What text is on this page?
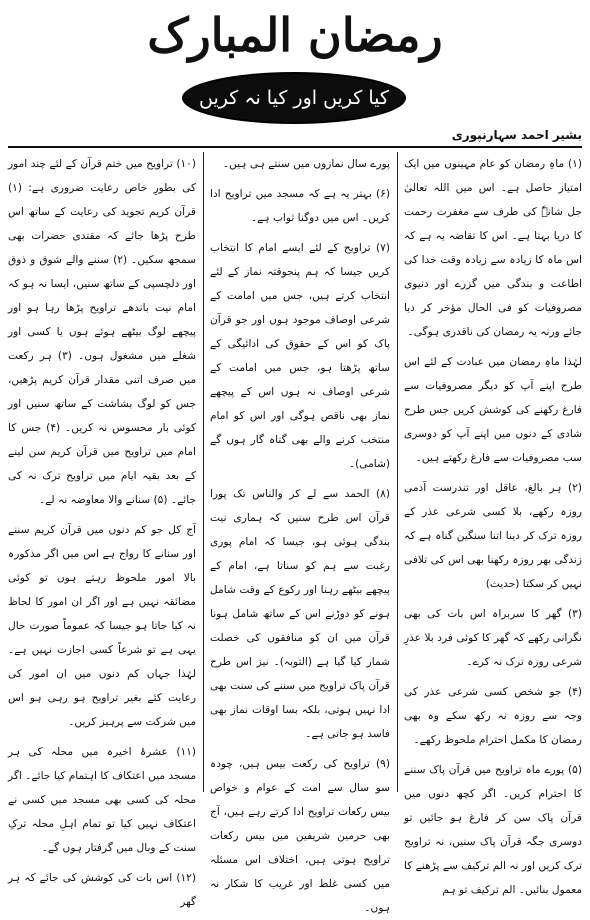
رمضان المبارک
کیا کریں اور کیا نہ کریں
بشیر احمد سہارنپوری

(۱) ماہِ رمضان کو عام مہینوں میں ایک امتیاز حاصل ہے۔ اس میں اللہ تعالیٰ جل شانہٗ کی طرف سے مغفرت رحمت کا دریا بہتا ہے۔ اس کا تقاضہ یہ ہے کہ اس ماہ کا زیادہ سے زیادہ وقت خدا کی اطاعت و بندگی میں گزرے اور دنیوی مصروفیات کو فی الحال مؤخر کر دیا جائے ورنہ یہ رمضان کی ناقدری ہوگی۔

لہٰذا ماہِ رمضان میں عبادت کے لئے اس طرح اپنے آپ کو دیگر مصروفیات سے فارغ رکھنے کی کوشش کریں جس طرح شادی کے دنوں میں اپنے آپ کو دوسری سب مصروفیات سے فارغ رکھتے ہیں۔

(۲) ہر بالغ، عاقل اور تندرست آدمی روزہ رکھے، بلا کسی شرعی عذر کے روزہ ترک کر دینا اتنا سنگین گناہ ہے کہ زندگی بھر روزہ رکھنا بھی اس کی تلافی نہیں کر سکتا (حدیث)

(۳) گھر کا سربراہ اس بات کی بھی نگرانی رکھے کہ گھر کا کوئی فرد بلا عذرِ شرعی روزہ ترک نہ کرے۔

(۴) جو شخص کسی شرعی عذر کی وجہ سے روزہ نہ رکھ سکے وہ بھی رمضان کا مکمل احترام ملحوظ رکھے۔

(۵) پورے ماہ تراویح میں قرآن پاک سننے کا احترام کریں۔ اگر کچھ دنوں میں قرآن پاک سن کر فارغ ہو جائیں تو دوسری جگہ قرآن پاک سنیں، نہ تراویح ترک کریں اور نہ الم ترکیف سے پڑھنے کا معمول بنائیں۔ الم ترکیف تو ہم

پورے سال نمازوں میں سنتے ہی ہیں۔

(۶) بہتر یہ ہے کہ مسجد میں تراویح ادا کریں۔ اس میں دوگنا ثواب ہے۔

(۷) تراویح کے لئے ایسے امام کا انتخاب کریں جیسا کہ ہم پنجوقتہ نماز کے لئے انتخاب کرتے ہیں، جس میں امامت کے شرعی اوصاف موجود ہوں اور جو قرآن پاک کو اس کے حقوق کی ادائیگی کے ساتھ پڑھتا ہو، جس میں امامت کے شرعی اوصاف نہ ہوں اس کے پیچھے نماز بھی ناقص ہوگی اور اس کو امام منتخب کرنے والے بھی گناہ گار ہوں گے (شامی)۔

(۸) الحمد سے لے کر والناس تک پورا قرآن اس طرح سنیں کہ ہماری نیت بندگی ہوئی ہو، جیسا کہ امام پوری رغبت سے ہم کو سناتا ہے، امام کے پیچھے بیٹھے رہنا اور رکوع کے وقت شامل ہونے کو دوڑنے اس کے ساتھ شامل ہونا قرآن میں ان کو منافقوں کی خصلت شمار کیا گیا ہے (التوبہ)۔ نیز اس طرح قرآن پاک تراویح میں سننے کی سنت بھی ادا نہیں ہوتی، بلکہ بسا اوقات نماز بھی فاسد ہو جاتی ہے۔

(۹) تراویح کی رکعت بیس ہیں، چودہ سو سال سے امت کے عوام و خواص بیس رکعات تراویح ادا کرتے رہے ہیں، آج بھی حرمین شریفین میں بیس رکعات تراویح ہوتی ہیں، اختلاف اس مسئلہ میں کسی غلط اور غریب کا شکار نہ ہوں۔

(۱۰) تراویح میں ختم قرآن کے لئے چند امور کی بطورِ خاص رعایت ضروری ہے: (۱) قرآن کریم تجوید کی رعایت کے ساتھ اس طرح پڑھا جائے کہ مقتدی حضرات بھی سمجھ سکیں۔ (۲) سننے والے شوق و ذوق اور دلچسپی کے ساتھ سنیں، ایسا نہ ہو کہ امام نیت باندھے تراویح پڑھا رہا ہو اور پیچھے لوگ بیٹھے ہوئے ہوں یا کسی اور شغلے میں مشغول ہوں۔ (۳) ہر رکعت میں صرف اتنی مقدار قرآن کریم پڑھیں، جس کو لوگ بشاشت کے ساتھ سنیں اور کوئی بار محسوس نہ کریں۔ (۴) جس کا امام میں تراویح میں قرآن کریم سن لینے کے بعد بقیہ ایام میں تراویح ترک نہ کی جائے۔ (۵) سنانے والا معاوضہ نہ لے۔

آج کل جو کم دنوں میں قرآن کریم سننے اور سنانے کا رواج ہے اس میں اگر مذکورہ بالا امور ملحوظ رہتے ہوں تو کوئی مضائقہ نہیں ہے اور اگر ان امور کا لحاظ نہ کیا جاتا ہو جیسا کہ عموماً صورت حال یہی ہے تو شرعاً کسی اجازت نہیں ہے۔ لہٰذا جہاں کم دنوں میں ان امور کی رعایت کئے بغیر تراویح ہو رہی ہو اس میں شرکت سے پرہیز کریں۔

(۱۱) عشرۂ اخیرہ میں محلہ کی ہر مسجد میں اعتکاف کا اہتمام کیا جائے۔ اگر محلہ کی کسی بھی مسجد میں کسی نے اعتکاف نہیں کیا تو تمام اہلِ محلہ ترکِ سنت کے وبال میں گرفتار ہوں گے۔

(۱۲) اس بات کی کوشش کی جائے کہ ہر گھر
